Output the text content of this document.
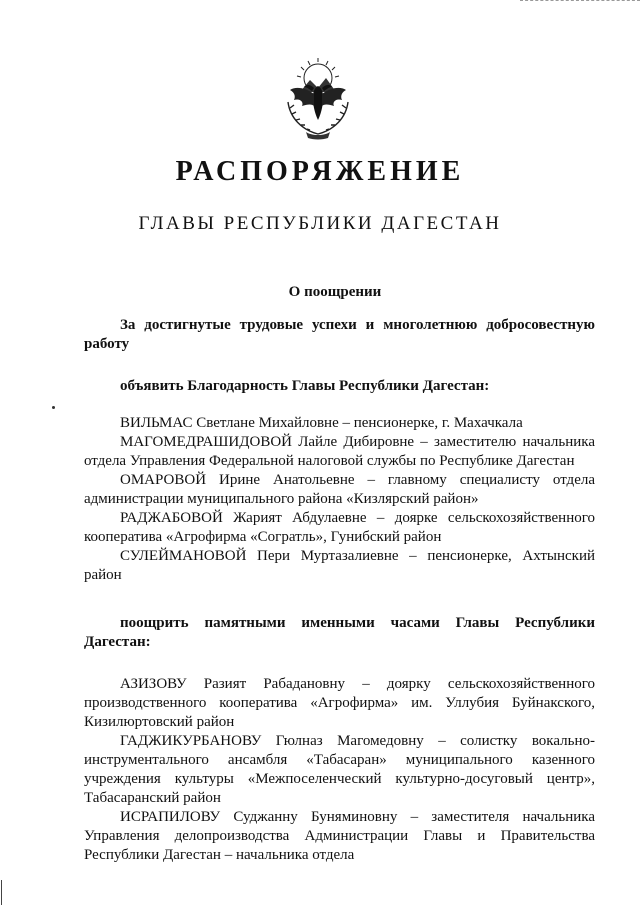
РАСПОРЯЖЕНИЕ
ГЛАВЫ РЕСПУБЛИКИ ДАГЕСТАН
О поощрении

За достигнутые трудовые успехи и многолетнюю добросовестную работу

объявить Благодарность Главы Республики Дагестан:

ВИЛЬМАС Светлане Михайловне – пенсионерке, г. Махачкала

МАГОМЕДРАШИДОВОЙ Лайле Дибировне – заместителю начальника отдела Управления Федеральной налоговой службы по Республике Дагестан

ОМАРОВОЙ Ирине Анатольевне – главному специалисту отдела администрации муниципального района «Кизлярский район»

РАДЖАБОВОЙ Жарият Абдулаевне – доярке сельскохозяйственного кооператива «Агрофирма «Согратль», Гунибский район

СУЛЕЙМАНОВОЙ Пери Муртазалиевне – пенсионерке, Ахтынский район

поощрить памятными именными часами Главы Республики Дагестан:

АЗИЗОВУ Разият Рабадановну – доярку сельскохозяйственного производственного кооператива «Агрофирма» им. Уллубия Буйнакского, Кизилюртовский район

ГАДЖИКУРБАНОВУ Гюлназ Магомедовну – солистку вокально-инструментального ансамбля «Табасаран» муниципального казенного учреждения культуры «Межпоселенческий культурно-досуговый центр», Табасаранский район

ИСРАПИЛОВУ Суджанну Буняминовну – заместителя начальника Управления делопроизводства Администрации Главы и Правительства Республики Дагестан – начальника отдела
